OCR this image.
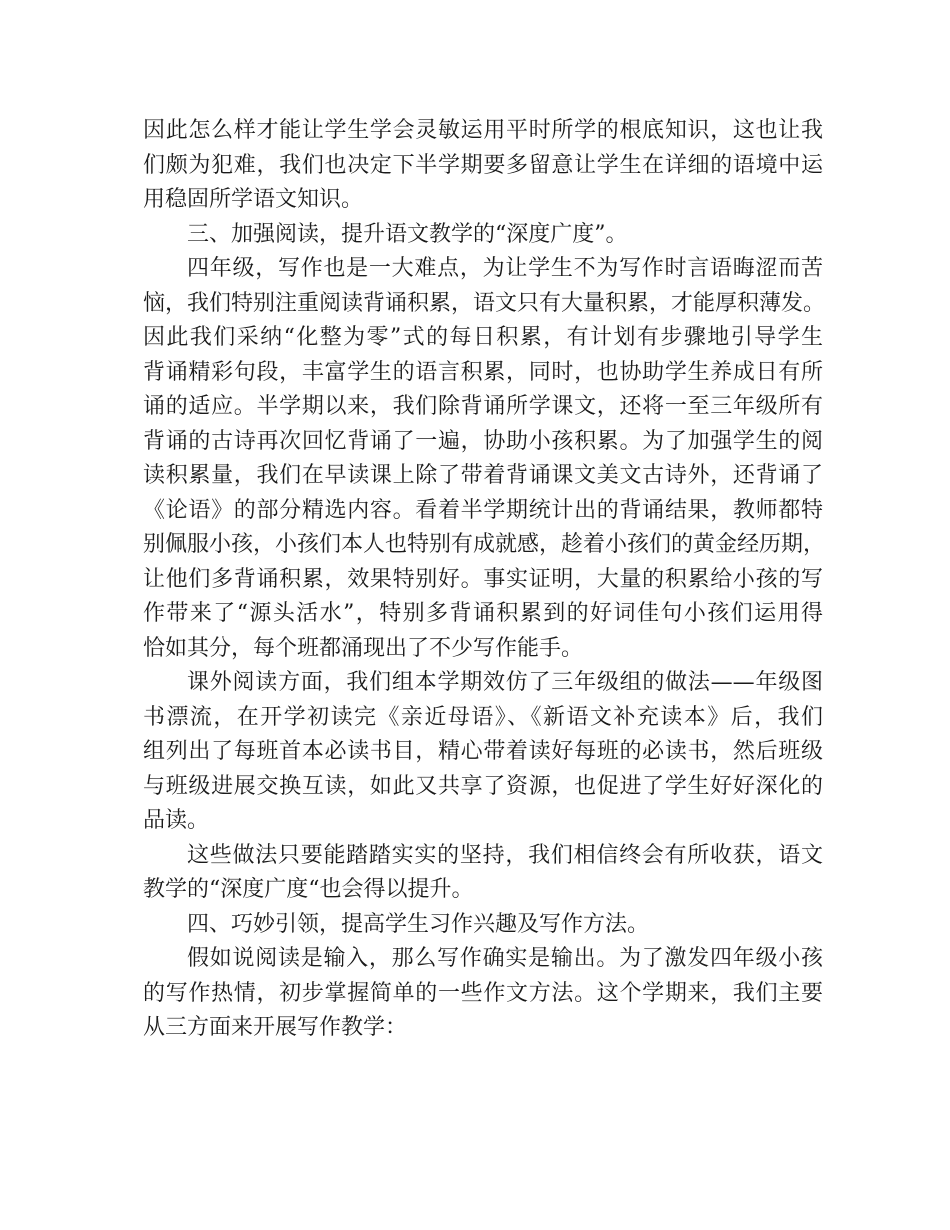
因此怎么样才能让学生学会灵敏运用平时所学的根底知识，这也让我
们颇为犯难，我们也决定下半学期要多留意让学生在详细的语境中运
用稳固所学语文知识。
三、加强阅读，提升语文教学的“深度广度”。
四年级，写作也是一大难点，为让学生不为写作时言语晦涩而苦
恼，我们特别注重阅读背诵积累，语文只有大量积累，才能厚积薄发。
因此我们采纳“化整为零”式的每日积累，有计划有步骤地引导学生
背诵精彩句段，丰富学生的语言积累，同时，也协助学生养成日有所
诵的适应。半学期以来，我们除背诵所学课文，还将一至三年级所有
背诵的古诗再次回忆背诵了一遍，协助小孩积累。为了加强学生的阅
读积累量，我们在早读课上除了带着背诵课文美文古诗外，还背诵了
《论语》的部分精选内容。看着半学期统计出的背诵结果，教师都特
别佩服小孩，小孩们本人也特别有成就感，趁着小孩们的黄金经历期，
让他们多背诵积累，效果特别好。事实证明，大量的积累给小孩的写
作带来了“源头活水”，特别多背诵积累到的好词佳句小孩们运用得
恰如其分，每个班都涌现出了不少写作能手。
课外阅读方面，我们组本学期效仿了三年级组的做法——年级图
书漂流，在开学初读完《亲近母语》、《新语文补充读本》后，我们
组列出了每班首本必读书目，精心带着读好每班的必读书，然后班级
与班级进展交换互读，如此又共享了资源，也促进了学生好好深化的
品读。
这些做法只要能踏踏实实的坚持，我们相信终会有所收获，语文
教学的“深度广度“也会得以提升。
四、巧妙引领，提高学生习作兴趣及写作方法。
假如说阅读是输入，那么写作确实是输出。为了激发四年级小孩
的写作热情，初步掌握简单的一些作文方法。这个学期来，我们主要
从三方面来开展写作教学：
